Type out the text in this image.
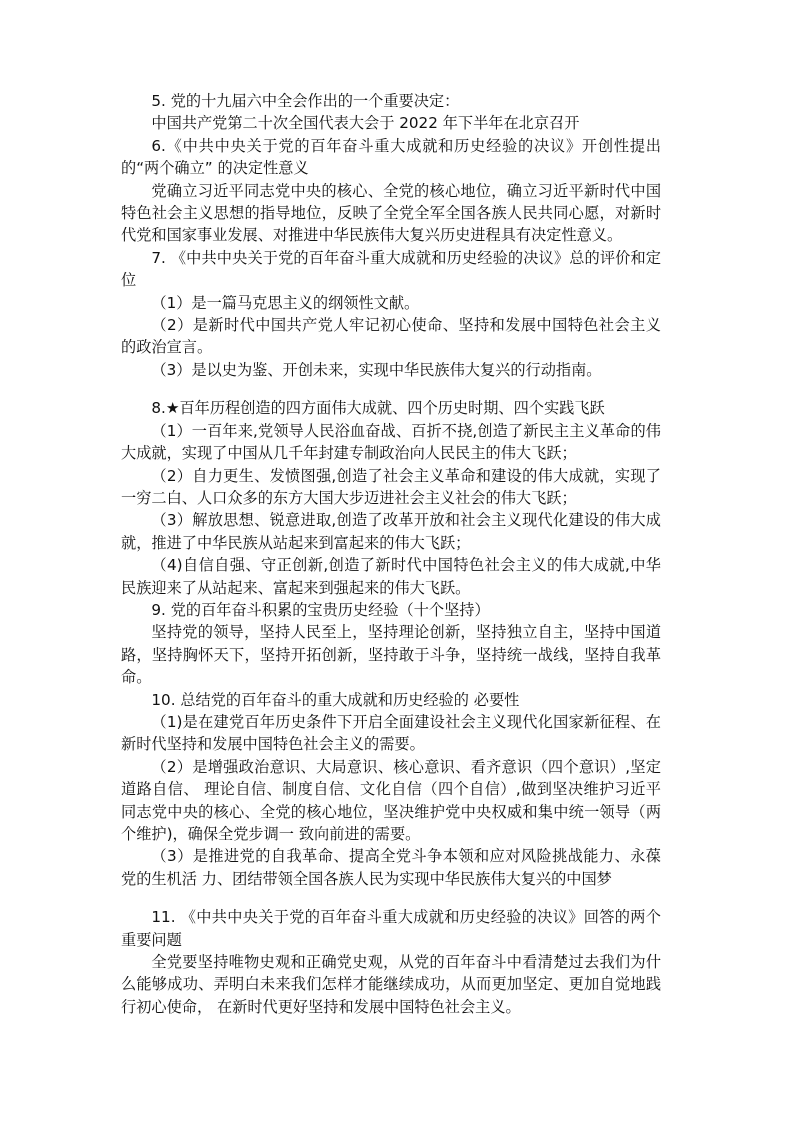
5. 党的十九届六中全会作出的一个重要决定：

中国共产党第二十次全国代表大会于 2022 年下半年在北京召开

6.《中共中央关于党的百年奋斗重大成就和历史经验的决议》开创性提出的“两个确立” 的决定性意义

党确立习近平同志党中央的核心、全党的核心地位，确立习近平新时代中国特色社会主义思想的指导地位，反映了全党全军全国各族人民共同心愿，对新时代党和国家事业发展、对推进中华民族伟大复兴历史进程具有决定性意义。

7. 《中共中央关于党的百年奋斗重大成就和历史经验的决议》总的评价和定位

（1）是一篇马克思主义的纲领性文献。

（2）是新时代中国共产党人牢记初心使命、坚持和发展中国特色社会主义的政治宣言。

（3）是以史为鉴、开创未来，实现中华民族伟大复兴的行动指南。

8.★百年历程创造的四方面伟大成就、四个历史时期、四个实践飞跃

（1）一百年来,党领导人民浴血奋战、百折不挠,创造了新民主主义革命的伟大成就，实现了中国从几千年封建专制政治向人民民主的伟大飞跃；

（2）自力更生、发愤图强,创造了社会主义革命和建设的伟大成就，实现了一穷二白、人口众多的东方大国大步迈进社会主义社会的伟大飞跃；

（3）解放思想、锐意进取,创造了改革开放和社会主义现代化建设的伟大成就，推进了中华民族从站起来到富起来的伟大飞跃；

（4)自信自强、守正创新,创造了新时代中国特色社会主义的伟大成就,中华民族迎来了从站起来、富起来到强起来的伟大飞跃。

9. 党的百年奋斗积累的宝贵历史经验（十个坚持）

坚持党的领导，坚持人民至上，坚持理论创新，坚持独立自主，坚持中国道路，坚持胸怀天下，坚持开拓创新，坚持敢于斗争，坚持统一战线，坚持自我革命。

10. 总结党的百年奋斗的重大成就和历史经验的 必要性

（1)是在建党百年历史条件下开启全面建设社会主义现代化国家新征程、在新时代坚持和发展中国特色社会主义的需要。

（2）是增强政治意识、大局意识、核心意识、看齐意识（四个意识）,坚定道路自信、 理论自信、制度自信、文化自信（四个自信）,做到坚决维护习近平同志党中央的核心、全党的核心地位，坚决维护党中央权威和集中统一领导（两个维护)，确保全党步调一 致向前进的需要。

（3）是推进党的自我革命、提高全党斗争本领和应对风险挑战能力、永葆党的生机活 力、团结带领全国各族人民为实现中华民族伟大复兴的中国梦

11. 《中共中央关于党的百年奋斗重大成就和历史经验的决议》回答的两个重要问题

全党要坚持唯物史观和正确党史观，从党的百年奋斗中看清楚过去我们为什么能够成功、弄明白未来我们怎样才能继续成功，从而更加坚定、更加自觉地践行初心使命， 在新时代更好坚持和发展中国特色社会主义。
